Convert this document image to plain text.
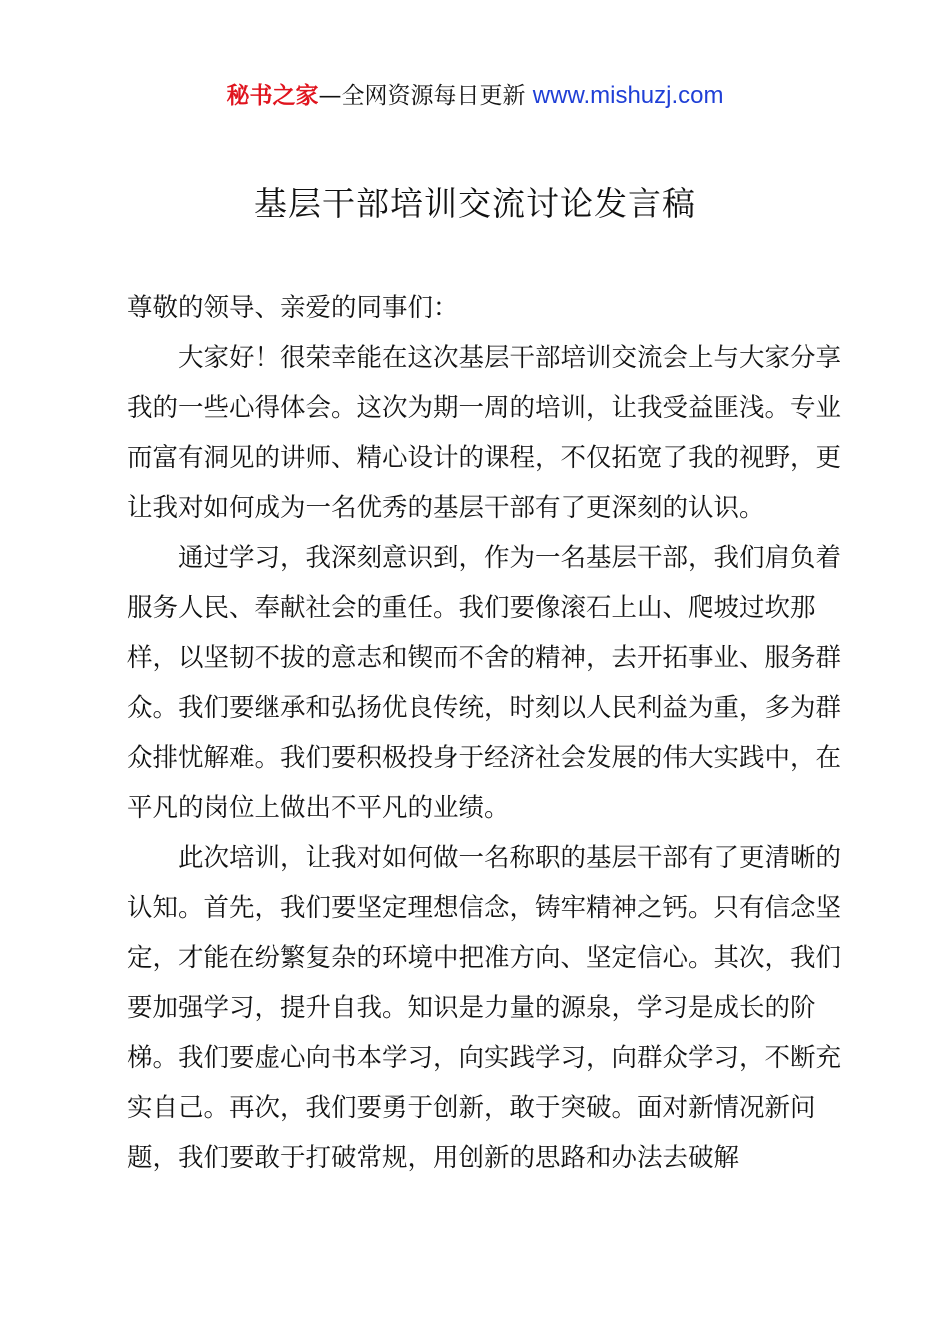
秘书之家—全网资源每日更新 www.mishuzj.com
基层干部培训交流讨论发言稿

尊敬的领导、亲爱的同事们：

大家好！很荣幸能在这次基层干部培训交流会上与大家分享我的一些心得体会。这次为期一周的培训，让我受益匪浅。专业而富有洞见的讲师、精心设计的课程，不仅拓宽了我的视野，更让我对如何成为一名优秀的基层干部有了更深刻的认识。

通过学习，我深刻意识到，作为一名基层干部，我们肩负着服务人民、奉献社会的重任。我们要像滚石上山、爬坡过坎那样，以坚韧不拔的意志和锲而不舍的精神，去开拓事业、服务群众。我们要继承和弘扬优良传统，时刻以人民利益为重，多为群众排忧解难。我们要积极投身于经济社会发展的伟大实践中，在平凡的岗位上做出不平凡的业绩。

此次培训，让我对如何做一名称职的基层干部有了更清晰的认知。首先，我们要坚定理想信念，铸牢精神之钙。只有信念坚定，才能在纷繁复杂的环境中把准方向、坚定信心。其次，我们要加强学习，提升自我。知识是力量的源泉，学习是成长的阶梯。我们要虚心向书本学习，向实践学习，向群众学习，不断充实自己。再次，我们要勇于创新，敢于突破。面对新情况新问题，我们要敢于打破常规，用创新的思路和办法去破解
